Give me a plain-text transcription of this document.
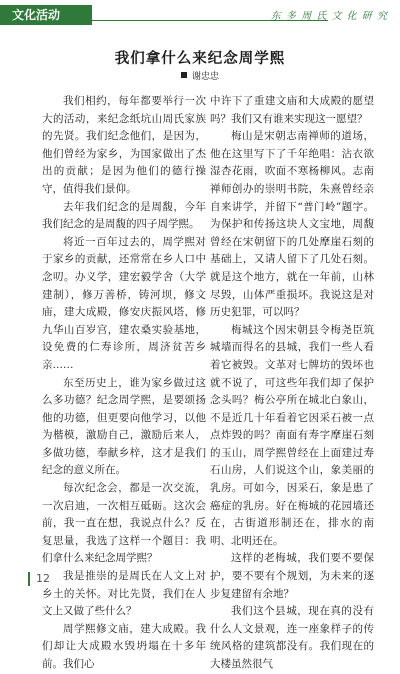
文化活动	东 多 周 氏 文 化 研 究
我们拿什么来纪念周学熙
谢忠忠

我们相约，每年都要举行一次大的活动，来纪念纸坑山周氏家族的先贤。我们纪念他们，是因为，他们曾经为家乡，为国家做出了杰出的贡献；是因为他们的德行操守，值得我们景仰。

去年我们纪念的是周馥，今年我们纪念的是周馥的四子周学熙。

将近一百年过去的，周学熙对于家乡的贡献，还常常在乡人口中念叨。办义学，建宏毅学舍（大学建制），修万善桥，铸河坝，修文庙，建大成殿，修安庆振风塔，修九华山百岁宫，建农桑实验基地，设免费的仁寿诊所，周济贫苦乡亲……

东至历史上，谁为家乡做过这么多功德？纪念周学熙，是要颂扬他的功德，但更要向他学习，以他为楷模，激励自己，激励后来人，多做功德，奉献乡梓，这才是我们纪念的意义所在。

每次纪念会，都是一次交流，一次启迪，一次相互砥砺。这次会前，我一直在想，我说点什么？反复思量，我选了这样一个题目：我们拿什么来纪念周学熙？

我是推崇的是周氏在人文上对乡土的关怀。对比先贤，我们在人文上又做了些什么？

周学熙修文庙，建大成殿。我们却让大成殿水毁坍塌在十多年前。我们心

中许下了重建文庙和大成殿的愿望吗？我们又有谁来实现这一愿望？

梅山是宋朝志南禅师的道场，他在这里写下了千年绝唱：沾衣欲湿杏花雨，吹面不寒杨柳风。志南禅师创办的崇明书院，朱熹曾经亲自来讲学，并留下“普门岭”题字。为保护和传扬这块人文宝地，周馥曾经在宋朝留下的几处摩崖石刻的基础上，又请人留下了几处石刻。就是这个地方，就在一年前，山林尽毁，山体严重损坏。我说这是对历史犯罪，可以吗？

梅城这个因宋朝县令梅尧臣筑城墙而得名的县城，我们一些人看着它被毁。文革对七牌坊的毁坏也就不说了，可这些年我们却了保护念头吗？梅公亭所在城北白象山，不是近几十年看着它因采石被一点点炸毁的吗？南面有寿字摩崖石刻的玉山，周学熙曾经在上面建过寿石山房，人们说这个山，象美丽的乳房。可如今，因采石，象是患了癌症的乳房。好在梅城的花园墙还在，古街道形制还在，排水的南明、北明还在。

这样的老梅城，我们要不要保护，要不要有个规划，为未来的逐步复建留有余地？

我们这个县城，现在真的没有什么人文景观，连一座象样子的传统风格的建筑都没有。我们现在的大楼虽然很气

12
